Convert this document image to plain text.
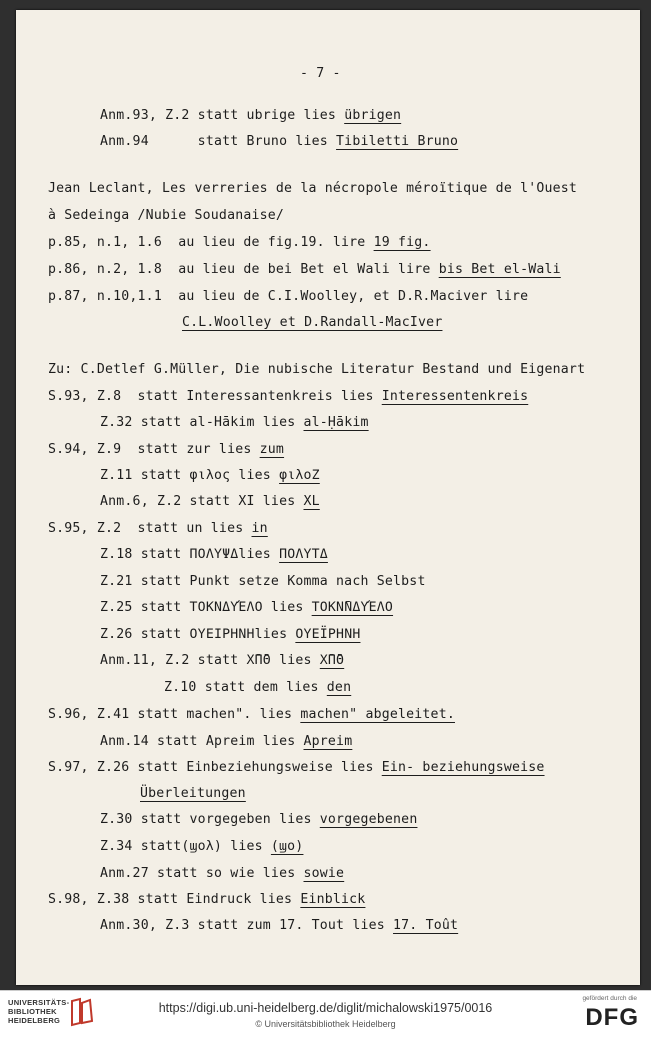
- 7 -
Anm.93, Z.2 statt ubrige lies übrigen
Anm.94      statt Bruno lies Tibiletti Bruno
Jean Leclant, Les verreries de la nécropole méroïtique de l'Ouest
à Sedeinga /Nubie Soudanaise/
p.85, n.1, 1.6  au lieu de fig.19. lire 19 fig.
p.86, n.2, 1.8  au lieu de bei Bet el Wali lire bis Bet el-Wali
p.87, n.10,1.1  au lieu de C.I.Woolley, et D.R.Maciver lire
C.L.Woolley et D.Randall-MacIver
Zu: C.Detlef G.Müller, Die nubische Literatur Bestand und Eigenart
S.93, Z.8  statt Interessantenkreis lies Interessentenkreis
Z.32 statt al-Hākim lies al-Ḥākim
S.94, Z.9  statt zur lies zum
Z.11 statt φιλος lies φιλοΖ
Anm.6, Z.2 statt XI lies XL
S.95, Z.2  statt un lies in
Z.18 statt ΠΟΛΥΨΔlies ΠΟΛΥΤΔ
Z.21 statt Punkt setze Komma nach Selbst
Z.25 statt ΤΟΚΝΔΥΈΛΟ lies ΤΟΚΝ̄ΝΔΥΈΛΟ
Z.26 statt ΟΥΕΙΡΗΝΗlies ΟΥΕΪΡΗΝΗ
Anm.11, Z.2 statt Χ̄Π̄Θ lies Χ̄Π̄Θ
Z.10 statt dem lies den
S.96, Z.41 statt machen". lies machen" abgeleitet.
Anm.14 statt Apreim lies Apreim
S.97, Z.26 statt Einbeziehungsweise lies Ein- beziehungsweise
Überleitungen
Z.30 statt vorgegeben lies vorgegebenen
Z.34 statt(ϣολ) lies (ϣο)
Anm.27 statt so wie lies sowie
S.98, Z.38 statt Eindruck lies Einblick
Anm.30, Z.3 statt zum 17. Tout lies 17. Toût
UNIVERSITÄTS-
BIBLIOTHEK
HEIDELBERG
https://digi.ub.uni-heidelberg.de/diglit/michalowski1975/0016
© Universitätsbibliothek Heidelberg
gefördert durch die
DFG
